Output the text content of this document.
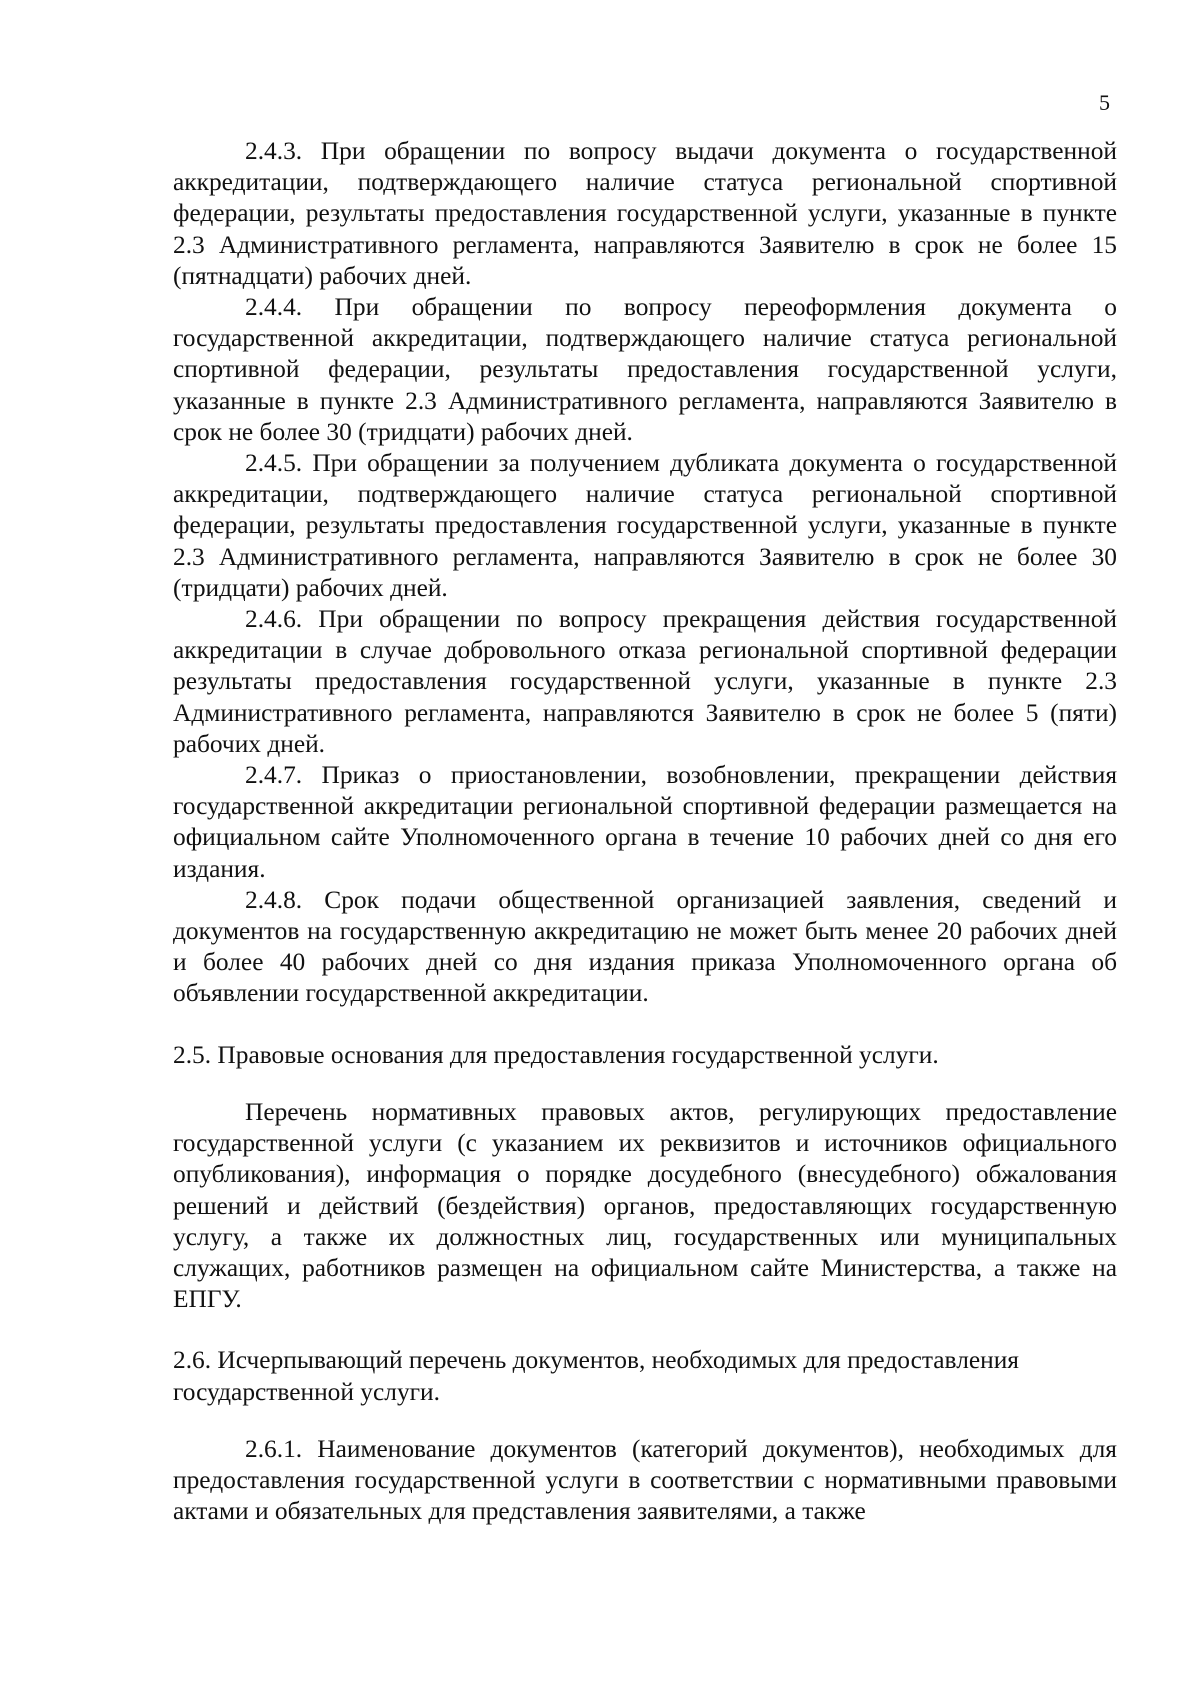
5

2.4.3. При обращении по вопросу выдачи документа о государственной аккредитации, подтверждающего наличие статуса региональной спортивной федерации, результаты предоставления государственной услуги, указанные в пункте 2.3 Административного регламента, направляются Заявителю в срок не более 15 (пятнадцати) рабочих дней.

2.4.4. При обращении по вопросу переоформления документа о государственной аккредитации, подтверждающего наличие статуса региональной спортивной федерации, результаты предоставления государственной услуги, указанные в пункте 2.3 Административного регламента, направляются Заявителю в срок не более 30 (тридцати) рабочих дней.

2.4.5. При обращении за получением дубликата документа о государственной аккредитации, подтверждающего наличие статуса региональной спортивной федерации, результаты предоставления государственной услуги, указанные в пункте 2.3 Административного регламента, направляются Заявителю в срок не более 30 (тридцати) рабочих дней.

2.4.6. При обращении по вопросу прекращения действия государственной аккредитации в случае добровольного отказа региональной спортивной федерации результаты предоставления государственной услуги, указанные в пункте 2.3 Административного регламента, направляются Заявителю в срок не более 5 (пяти) рабочих дней.

2.4.7. Приказ о приостановлении, возобновлении, прекращении действия государственной аккредитации региональной спортивной федерации размещается на официальном сайте Уполномоченного органа в течение 10 рабочих дней со дня его издания.

2.4.8. Срок подачи общественной организацией заявления, сведений и документов на государственную аккредитацию не может быть менее 20 рабочих дней и более 40 рабочих дней со дня издания приказа Уполномоченного органа об объявлении государственной аккредитации.

2.5. Правовые основания для предоставления государственной услуги.

Перечень нормативных правовых актов, регулирующих предоставление государственной услуги (с указанием их реквизитов и источников официального опубликования), информация о порядке досудебного (внесудебного) обжалования решений и действий (бездействия) органов, предоставляющих государственную услугу, а также их должностных лиц, государственных или муниципальных служащих, работников размещен на официальном сайте Министерства, а также на ЕПГУ.

2.6. Исчерпывающий перечень документов, необходимых для предоставления государственной услуги.

2.6.1. Наименование документов (категорий документов), необходимых для предоставления государственной услуги в соответствии с нормативными правовыми актами и обязательных для представления заявителями, а также
